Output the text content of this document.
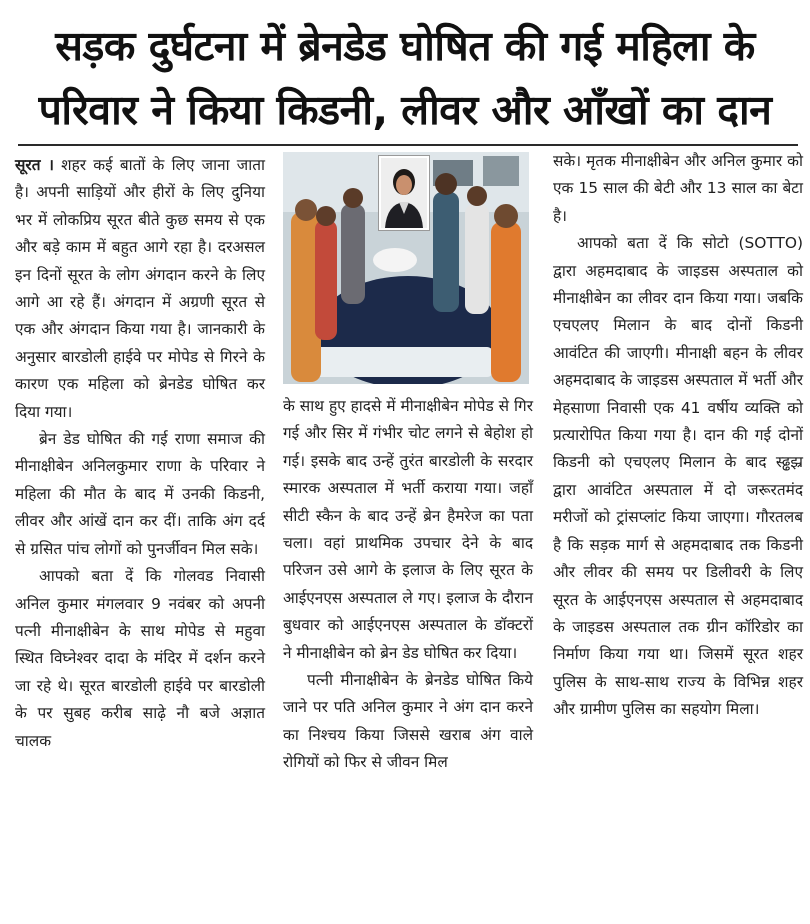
सड़क दुर्घटना में ब्रेनडेड घोषित की गई महिला के
परिवार ने किया किडनी, लीवर और आँखों का दान

सूरत । शहर कई बातों के लिए जाना जाता है। अपनी साड़ियों और हीरों के लिए दुनिया भर में लोकप्रिय सूरत बीते कुछ समय से एक और बड़े काम में बहुत आगे रहा है। दरअसल इन दिनों सूरत के लोग अंगदान करने के लिए आगे आ रहे हैं। अंगदान में अग्रणी सूरत से एक और अंगदान किया गया है। जानकारी के अनुसार बारडोली हाईवे पर मोपेड से गिरने के कारण एक महिला को ब्रेनडेड घोषित कर दिया गया।

ब्रेन डेड घोषित की गई राणा समाज की मीनाक्षीबेन अनिलकुमार राणा के परिवार ने महिला की मौत के बाद में उनकी किडनी, लीवर और आंखें दान कर दीं। ताकि अंग दर्द से ग्रसित पांच लोगों को पुनर्जीवन मिल सके।

आपको बता दें कि गोलवड निवासी अनिल कुमार मंगलवार 9 नवंबर को अपनी पत्नी मीनाक्षीबेन के साथ मोपेड से महुवा स्थित विघ्नेश्वर दादा के मंदिर में दर्शन करने जा रहे थे। सूरत बारडोली हाईवे पर बारडोली के पर सुबह करीब साढ़े नौ बजे अज्ञात चालक

के साथ हुए हादसे में मीनाक्षीबेन मोपेड से गिर गई और सिर में गंभीर चोट लगने से बेहोश हो गई। इसके बाद उन्हें तुरंत बारडोली के सरदार स्मारक अस्पताल में भर्ती कराया गया। जहाँ सीटी स्कैन के बाद उन्हें ब्रेन हैमरेज का पता चला। वहां प्राथमिक उपचार देने के बाद परिजन उसे आगे के इलाज के लिए सूरत के आईएनएस अस्पताल ले गए। इलाज के दौरान बुधवार को आईएनएस अस्पताल के डॉक्टरों ने मीनाक्षीबेन को ब्रेन डेड घोषित कर दिया।

पत्नी मीनाक्षीबेन के ब्रेनडेड घोषित किये जाने पर पति अनिल कुमार ने अंग दान करने का निश्चय किया जिससे खराब अंग वाले रोगियों को फिर से जीवन मिल

सके। मृतक मीनाक्षीबेन और अनिल कुमार को एक 15 साल की बेटी और 13 साल का बेटा है।

आपको बता दें कि सोटो (SOTTO) द्वारा अहमदाबाद के जाइडस अस्पताल को मीनाक्षीबेन का लीवर दान किया गया। जबकि एचएलए मिलान के बाद दोनों किडनी आवंटित की जाएगी। मीनाक्षी बहन के लीवर अहमदाबाद के जाइडस अस्पताल में भर्ती और मेहसाणा निवासी एक 41 वर्षीय व्यक्ति को प्रत्यारोपित किया गया है। दान की गई दोनों किडनी को एचएलए मिलान के बाद स्ढ्ढझ्र द्वारा आवंटित अस्पताल में दो जरूरतमंद मरीजों को ट्रांसप्लांट किया जाएगा। गौरतलब है कि सड़क मार्ग से अहमदाबाद तक किडनी और लीवर की समय पर डिलीवरी के लिए सूरत के आईएनएस अस्पताल से अहमदाबाद के जाइडस अस्पताल तक ग्रीन कॉरिडोर का निर्माण किया गया था। जिसमें सूरत शहर पुलिस के साथ-साथ राज्य के विभिन्न शहर और ग्रामीण पुलिस का सहयोग मिला।
